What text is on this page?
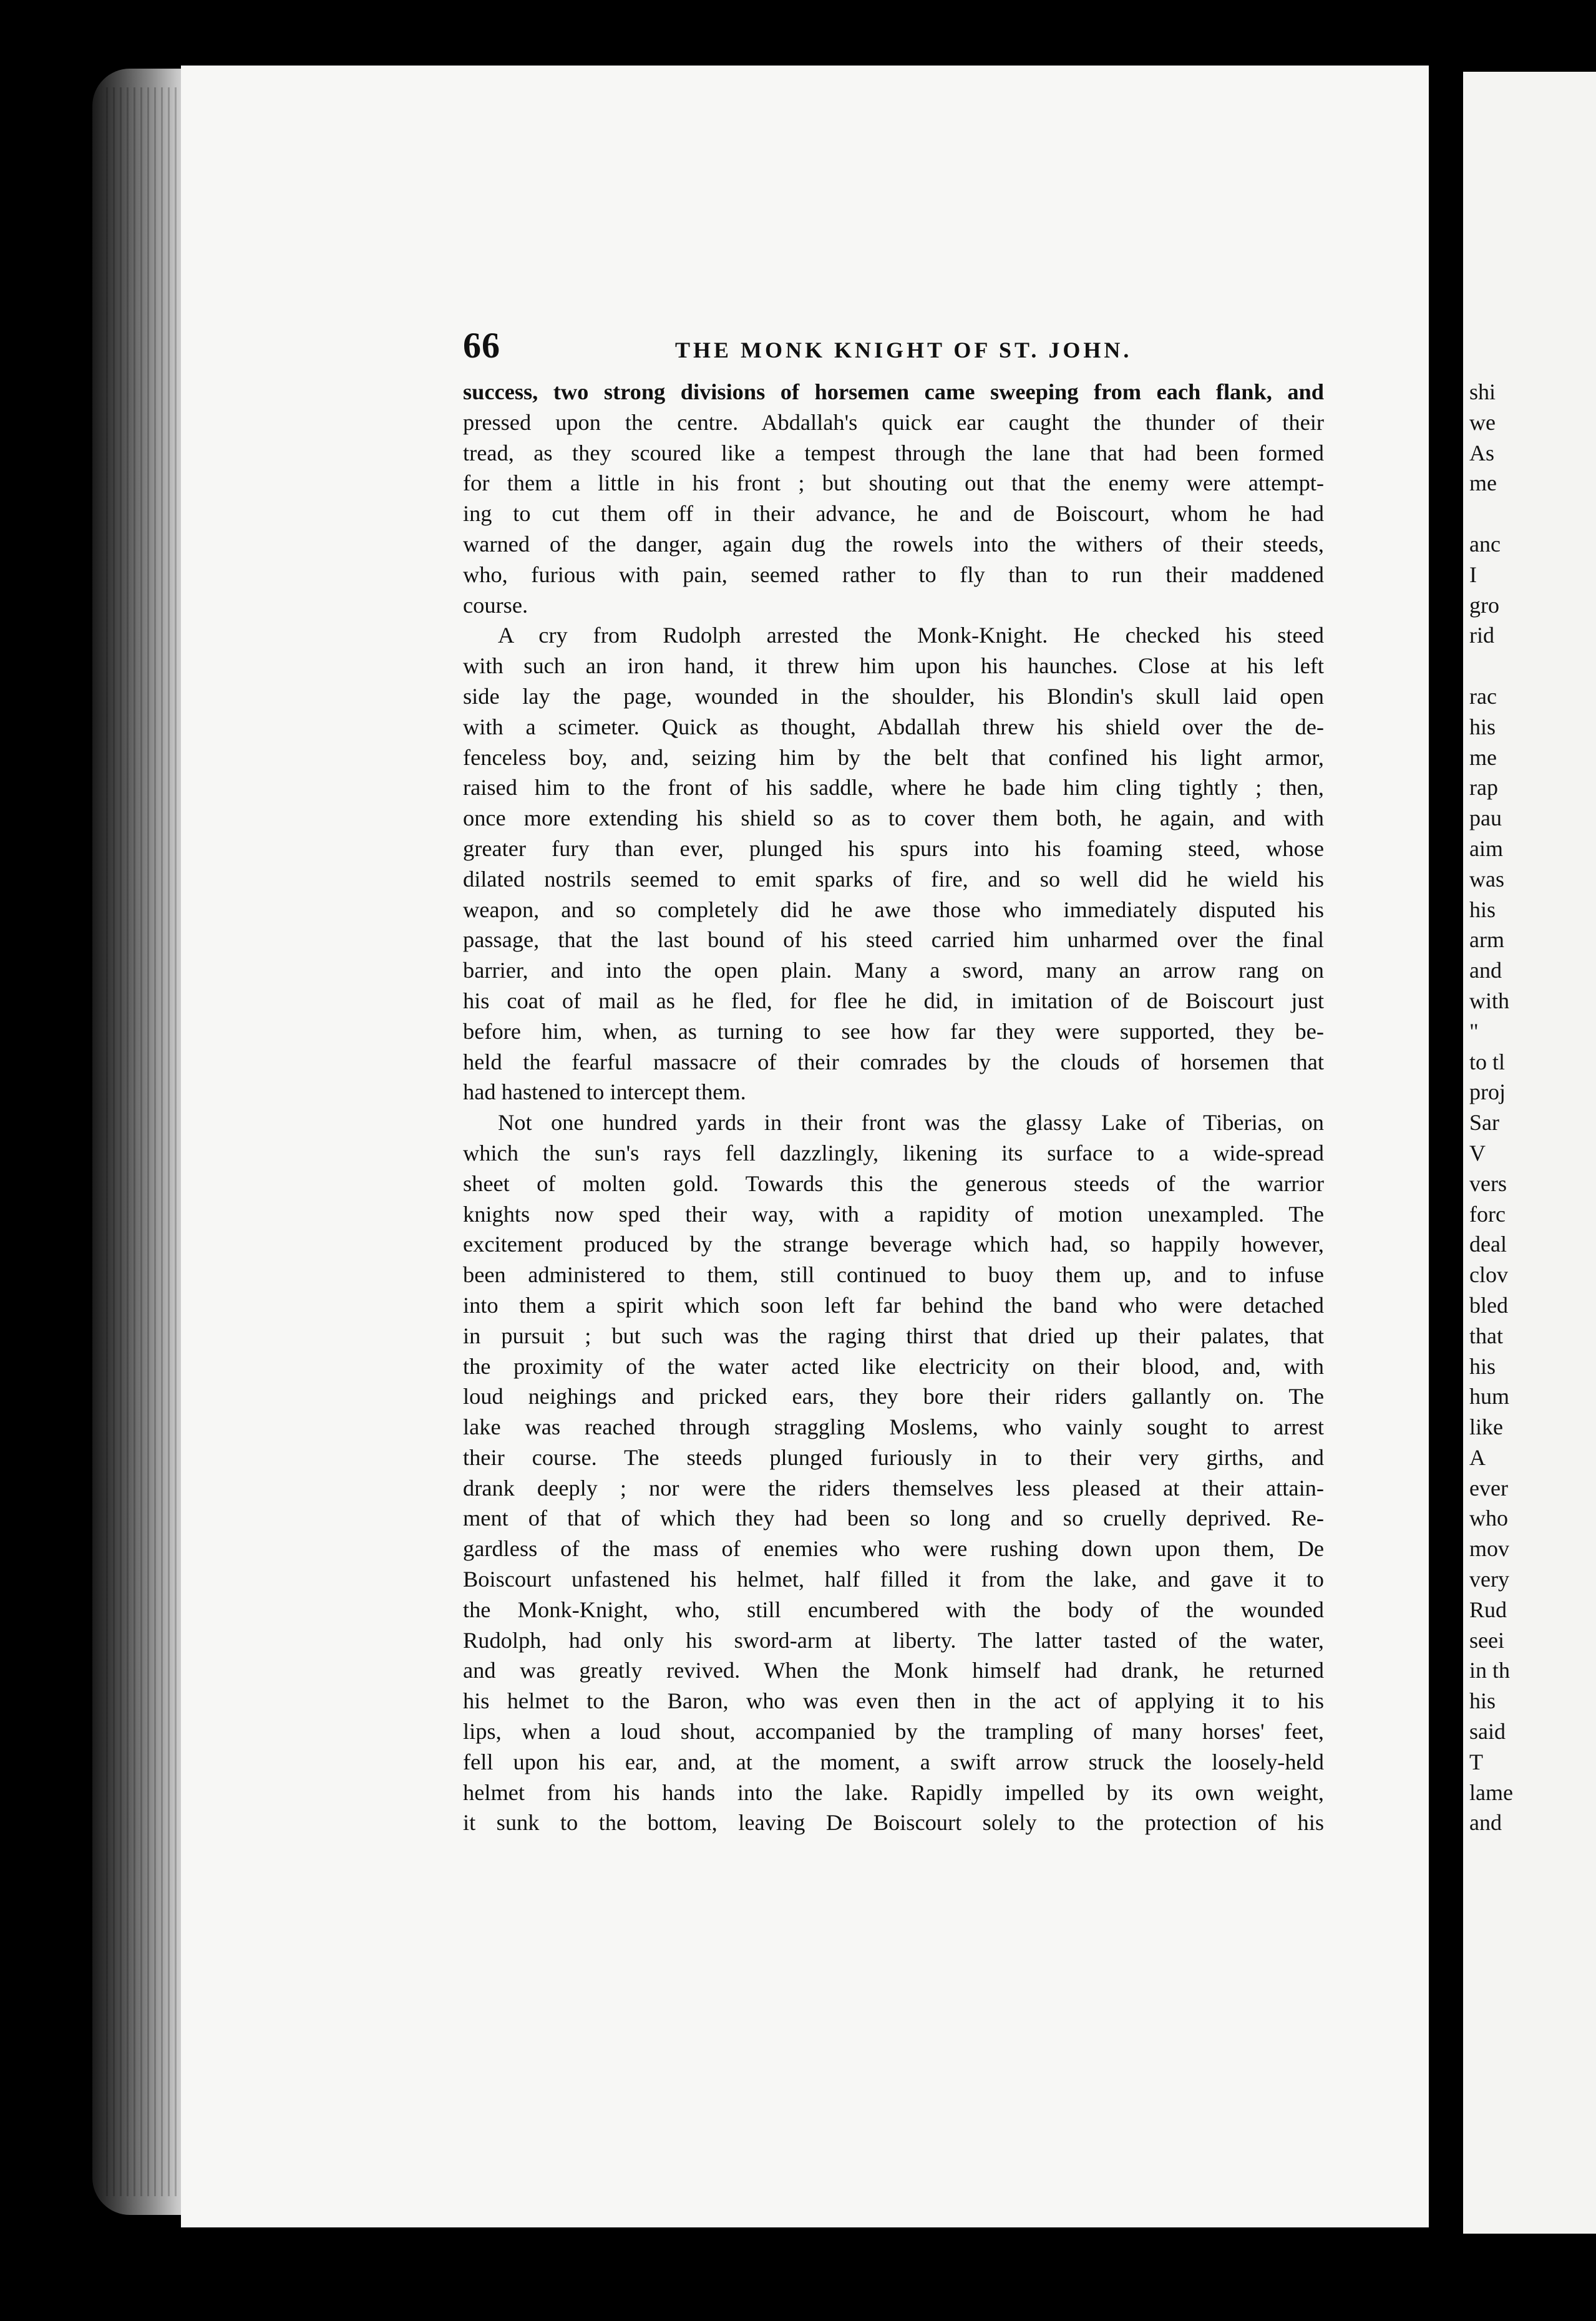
66	THE MONK KNIGHT OF ST. JOHN.
success, two strong divisions of horsemen came sweeping from each flank, and
pressed upon the centre. Abdallah's quick ear caught the thunder of their
tread, as they scoured like a tempest through the lane that had been formed
for them a little in his front ; but shouting out that the enemy were attempt-
ing to cut them off in their advance, he and de Boiscourt, whom he had
warned of the danger, again dug the rowels into the withers of their steeds,
who, furious with pain, seemed rather to fly than to run their maddened
course.
A cry from Rudolph arrested the Monk-Knight. He checked his steed
with such an iron hand, it threw him upon his haunches. Close at his left
side lay the page, wounded in the shoulder, his Blondin's skull laid open
with a scimeter. Quick as thought, Abdallah threw his shield over the de-
fenceless boy, and, seizing him by the belt that confined his light armor,
raised him to the front of his saddle, where he bade him cling tightly ; then,
once more extending his shield so as to cover them both, he again, and with
greater fury than ever, plunged his spurs into his foaming steed, whose
dilated nostrils seemed to emit sparks of fire, and so well did he wield his
weapon, and so completely did he awe those who immediately disputed his
passage, that the last bound of his steed carried him unharmed over the final
barrier, and into the open plain. Many a sword, many an arrow rang on
his coat of mail as he fled, for flee he did, in imitation of de Boiscourt just
before him, when, as turning to see how far they were supported, they be-
held the fearful massacre of their comrades by the clouds of horsemen that
had hastened to intercept them.
Not one hundred yards in their front was the glassy Lake of Tiberias, on
which the sun's rays fell dazzlingly, likening its surface to a wide-spread
sheet of molten gold. Towards this the generous steeds of the warrior
knights now sped their way, with a rapidity of motion unexampled. The
excitement produced by the strange beverage which had, so happily however,
been administered to them, still continued to buoy them up, and to infuse
into them a spirit which soon left far behind the band who were detached
in pursuit ; but such was the raging thirst that dried up their palates, that
the proximity of the water acted like electricity on their blood, and, with
loud neighings and pricked ears, they bore their riders gallantly on. The
lake was reached through straggling Moslems, who vainly sought to arrest
their course. The steeds plunged furiously in to their very girths, and
drank deeply ; nor were the riders themselves less pleased at their attain-
ment of that of which they had been so long and so cruelly deprived. Re-
gardless of the mass of enemies who were rushing down upon them, De
Boiscourt unfastened his helmet, half filled it from the lake, and gave it to
the Monk-Knight, who, still encumbered with the body of the wounded
Rudolph, had only his sword-arm at liberty. The latter tasted of the water,
and was greatly revived. When the Monk himself had drank, he returned
his helmet to the Baron, who was even then in the act of applying it to his
lips, when a loud shout, accompanied by the trampling of many horses' feet,
fell upon his ear, and, at the moment, a swift arrow struck the loosely-held
helmet from his hands into the lake. Rapidly impelled by its own weight,
it sunk to the bottom, leaving De Boiscourt solely to the protection of his
shi
we
As
me
anc
I
gro
rid
rac
his
me
rap
pau
aim
was
his
arm
and
with
"
to tl
proj
Sar
V
vers
forc
deal
clov
bled
that
his
hum
like
A
ever
who
mov
very
Rud
seei
in th
his
said
T
lame
and
